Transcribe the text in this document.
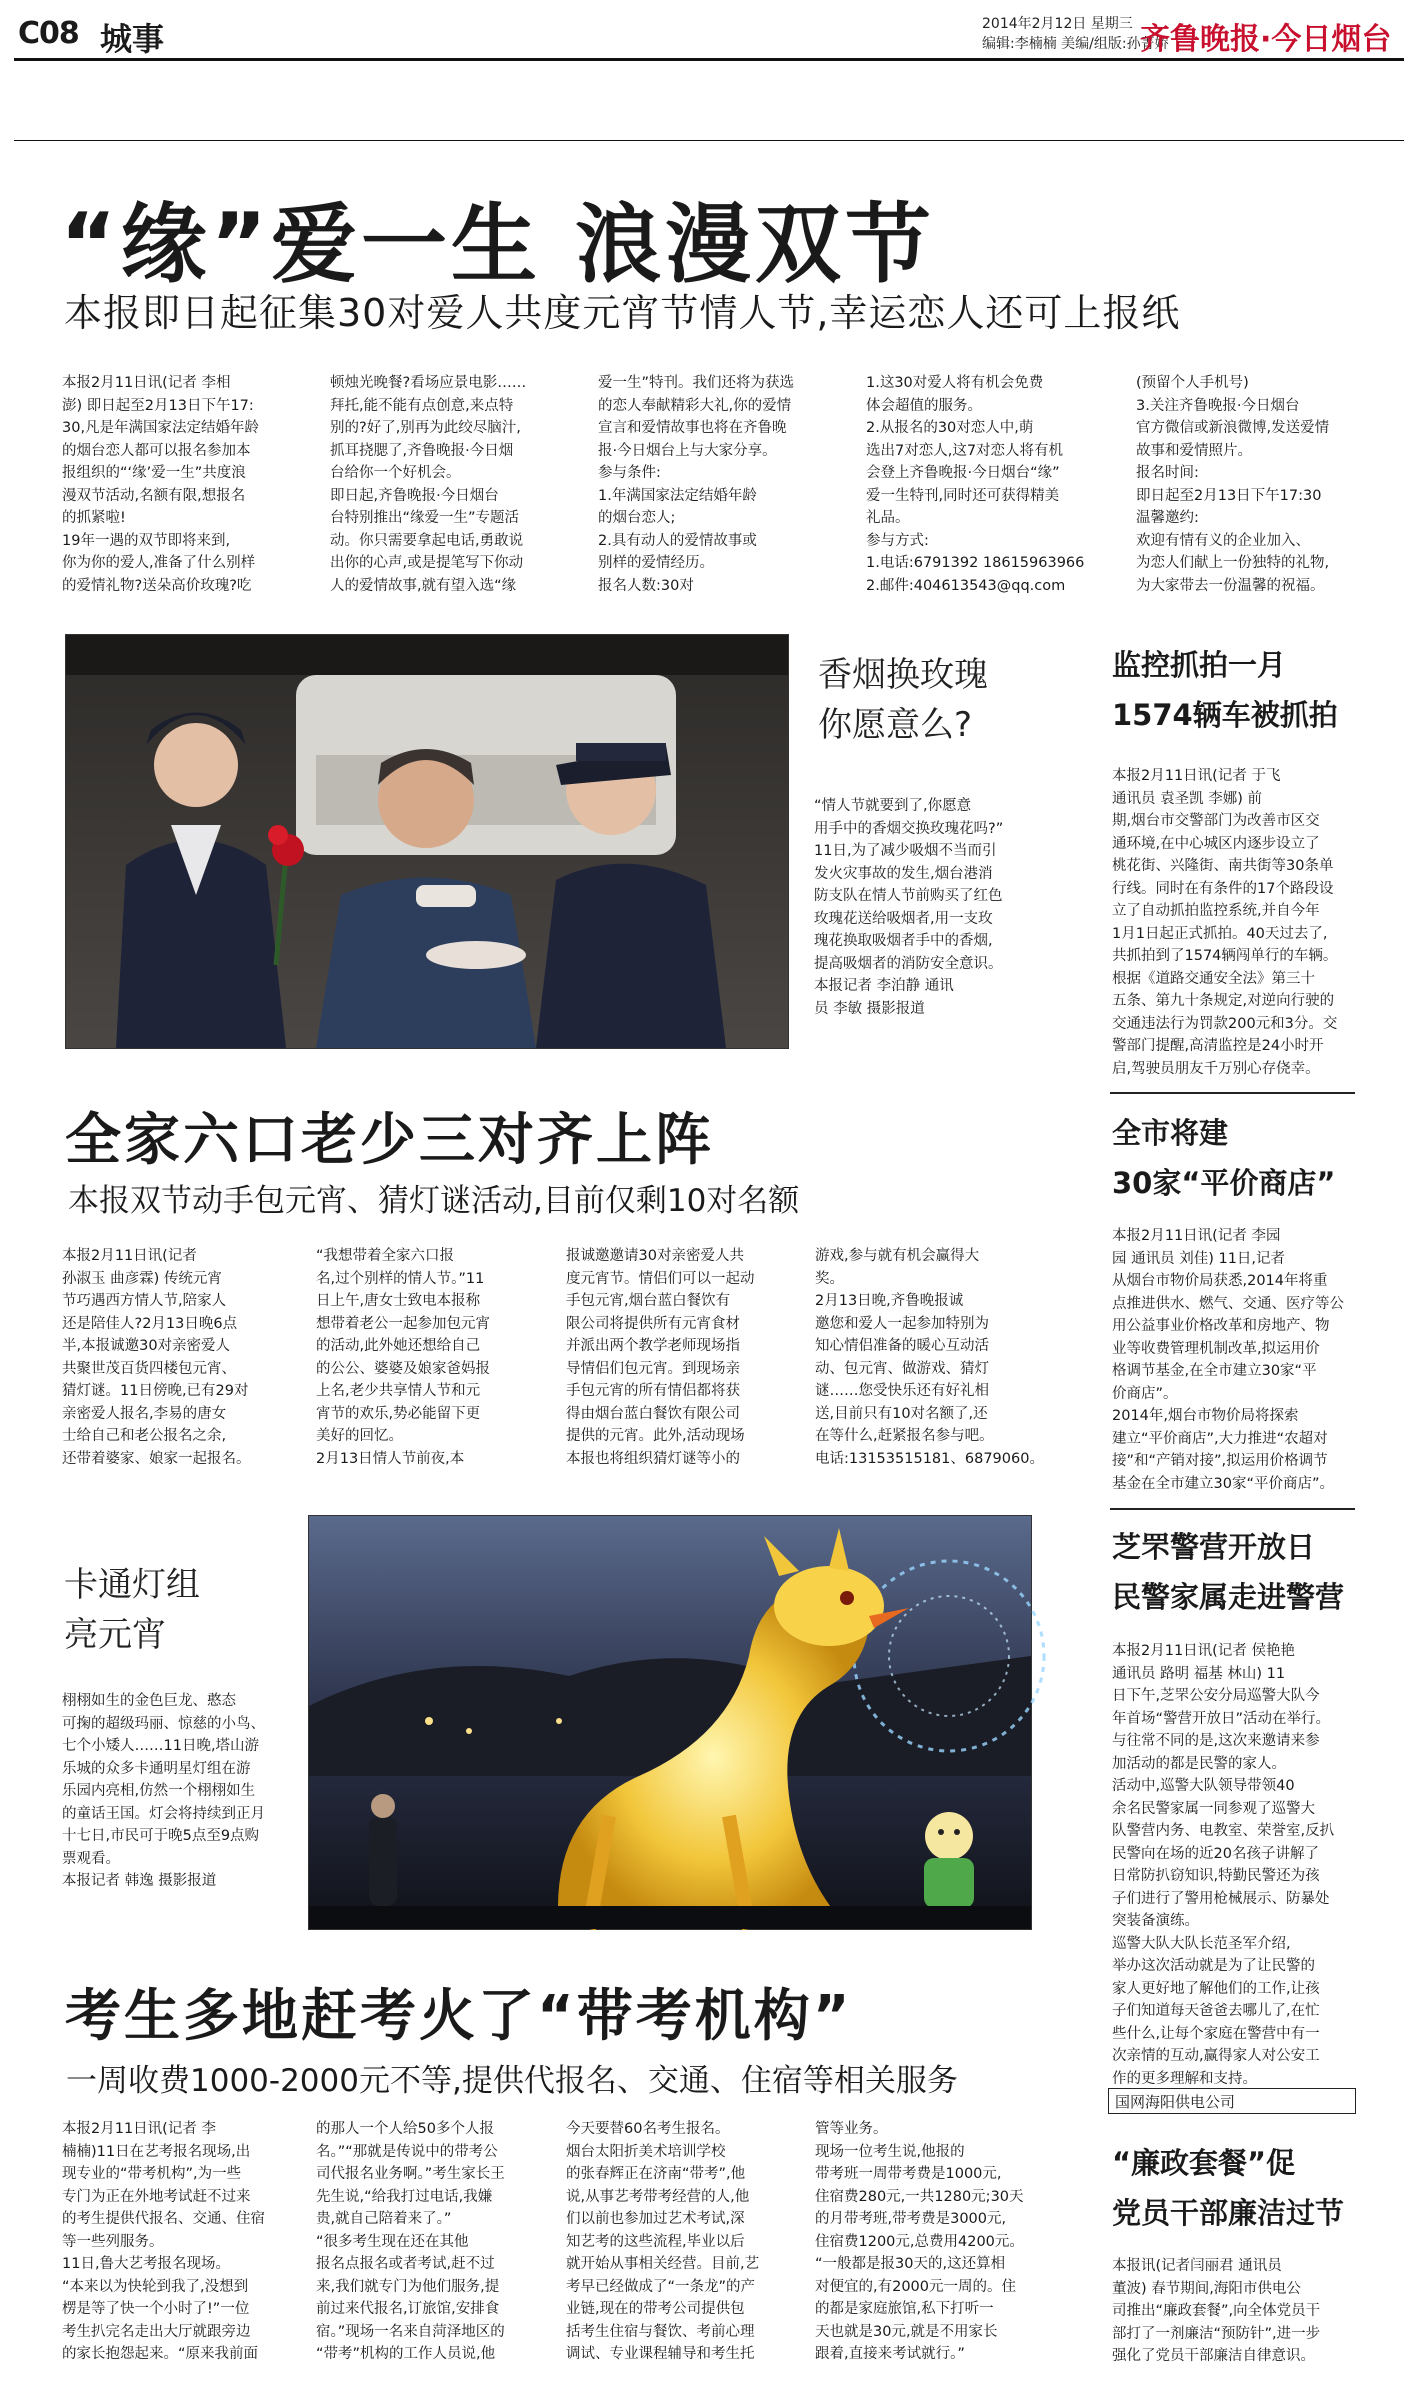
C08 城事	2014年2月12日 星期三
编辑:李楠楠 美编/组版:孙菁娇
齐鲁晚报·今日烟台
“缘”爱一生 浪漫双节
本报即日起征集30对爱人共度元宵节情人节,幸运恋人还可上报纸
本报2月11日讯(记者 李相
澎) 即日起至2月13日下午17:
30,凡是年满国家法定结婚年龄
的烟台恋人都可以报名参加本
报组织的“‘缘’爱一生”共度浪
漫双节活动,名额有限,想报名
的抓紧啦!
19年一遇的双节即将来到,
你为你的爱人,准备了什么别样
的爱情礼物?送朵高价玫瑰?吃
顿烛光晚餐?看场应景电影……
拜托,能不能有点创意,来点特
别的?好了,别再为此绞尽脑汁,
抓耳挠腮了,齐鲁晚报·今日烟
台给你一个好机会。
即日起,齐鲁晚报·今日烟台
台特别推出“缘爱一生”专题活
动。你只需要拿起电话,勇敢说
出你的心声,或是提笔写下你动
人的爱情故事,就有望入选“缘
爱一生”特刊。我们还将为获选
的恋人奉献精彩大礼,你的爱情
宣言和爱情故事也将在齐鲁晚
报·今日烟台上与大家分享。
参与条件:
1.年满国家法定结婚年龄
的烟台恋人;
2.具有动人的爱情故事或
别样的爱情经历。
报名人数:30对
1.这30对爱人将有机会免费
体会超值的服务。
2.从报名的30对恋人中,萌
选出7对恋人,这7对恋人将有机
会登上齐鲁晚报·今日烟台“缘”
爱一生特刊,同时还可获得精美
礼品。
参与方式:
1.电话:6791392 18615963966
2.邮件:404613543@qq.com
(预留个人手机号)
3.关注齐鲁晚报·今日烟台
官方微信或新浪微博,发送爱情
故事和爱情照片。
报名时间:
即日起至2月13日下午17:30
温馨邀约:
欢迎有情有义的企业加入、
为恋人们献上一份独特的礼物,
为大家带去一份温馨的祝福。
香烟换玫瑰
你愿意么?
“情人节就要到了,你愿意
用手中的香烟交换玫瑰花吗?”
11日,为了减少吸烟不当而引
发火灾事故的发生,烟台港消
防支队在情人节前购买了红色
玫瑰花送给吸烟者,用一支玫
瑰花换取吸烟者手中的香烟,
提高吸烟者的消防安全意识。
本报记者 李泊静 通讯
员 李敏 摄影报道
全家六口老少三对齐上阵
本报双节动手包元宵、猜灯谜活动,目前仅剩10对名额
本报2月11日讯(记者
孙淑玉 曲彦霖) 传统元宵
节巧遇西方情人节,陪家人
还是陪佳人?2月13日晚6点
半,本报诚邀30对亲密爱人
共聚世茂百货四楼包元宵、
猜灯谜。11日傍晚,已有29对
亲密爱人报名,李易的唐女
士给自己和老公报名之余,
还带着婆家、娘家一起报名。
“我想带着全家六口报
名,过个别样的情人节。”11
日上午,唐女士致电本报称
想带着老公一起参加包元宵
的活动,此外她还想给自己
的公公、婆婆及娘家爸妈报
上名,老少共享情人节和元
宵节的欢乐,势必能留下更
美好的回忆。
2月13日情人节前夜,本
报诚邀邀请30对亲密爱人共
度元宵节。情侣们可以一起动
手包元宵,烟台蓝白餐饮有
限公司将提供所有元宵食材
并派出两个教学老师现场指
导情侣们包元宵。到现场亲
手包元宵的所有情侣都将获
得由烟台蓝白餐饮有限公司
提供的元宵。此外,活动现场
本报也将组织猜灯谜等小的
游戏,参与就有机会赢得大
奖。
2月13日晚,齐鲁晚报诚
邀您和爱人一起参加特别为
知心情侣准备的暖心互动活
动、包元宵、做游戏、猜灯
谜……您受快乐还有好礼相
送,目前只有10对名额了,还
在等什么,赶紧报名参与吧。
电话:13153515181、6879060。
卡通灯组
亮元宵
栩栩如生的金色巨龙、憨态
可掬的超级玛丽、惊慈的小鸟、
七个小矮人……11日晚,塔山游
乐城的众多卡通明星灯组在游
乐园内亮相,仿然一个栩栩如生
的童话王国。灯会将持续到正月
十七日,市民可于晚5点至9点购
票观看。
本报记者 韩逸 摄影报道
考生多地赶考火了“带考机构”
一周收费1000-2000元不等,提供代报名、交通、住宿等相关服务
本报2月11日讯(记者 李
楠楠)11日在艺考报名现场,出
现专业的“带考机构”,为一些
专门为正在外地考试赶不过来
的考生提供代报名、交通、住宿
等一些列服务。
11日,鲁大艺考报名现场。
“本来以为快轮到我了,没想到
楞是等了快一个小时了!”一位
考生扒完名走出大厅就跟旁边
的家长抱怨起来。“原来我前面
的那人一个人给50多个人报
名。”“那就是传说中的带考公
司代报名业务啊。”考生家长王
先生说,“给我打过电话,我嫌
贵,就自己陪着来了。”
“很多考生现在还在其他
报名点报名或者考试,赶不过
来,我们就专门为他们服务,提
前过来代报名,订旅馆,安排食
宿。”现场一名来自菏泽地区的
“带考”机构的工作人员说,他
今天要替60名考生报名。
烟台太阳折美术培训学校
的张春辉正在济南“带考”,他
说,从事艺考带考经营的人,他
们以前也参加过艺术考试,深
知艺考的这些流程,毕业以后
就开始从事相关经营。目前,艺
考早已经做成了“一条龙”的产
业链,现在的带考公司提供包
括考生住宿与餐饮、考前心理
调试、专业课程辅导和考生托
管等业务。
现场一位考生说,他报的
带考班一周带考费是1000元,
住宿费280元,一共1280元;30天
的月带考班,带考费是3000元,
住宿费1200元,总费用4200元。
“一般都是报30天的,这还算相
对便宜的,有2000元一周的。住
的都是家庭旅馆,私下打听一
天也就是30元,就是不用家长
跟着,直接来考试就行。”
监控抓拍一月
1574辆车被抓拍
本报2月11日讯(记者 于飞
通讯员 袁圣凯 李娜) 前
期,烟台市交警部门为改善市区交
通环境,在中心城区内逐步设立了
桃花街、兴隆街、南共街等30条单
行线。同时在有条件的17个路段设
立了自动抓拍监控系统,并自今年
1月1日起正式抓拍。40天过去了,
共抓拍到了1574辆闯单行的车辆。
根据《道路交通安全法》第三十
五条、第九十条规定,对逆向行驶的
交通违法行为罚款200元和3分。交
警部门提醒,高清监控是24小时开
启,驾驶员朋友千万别心存侥幸。
全市将建
30家“平价商店”
本报2月11日讯(记者 李园
园 通讯员 刘佳) 11日,记者
从烟台市物价局获悉,2014年将重
点推进供水、燃气、交通、医疗等公
用公益事业价格改革和房地产、物
业等收费管理机制改革,拟运用价
格调节基金,在全市建立30家“平
价商店”。
2014年,烟台市物价局将探索
建立“平价商店”,大力推进“农超对
接”和“产销对接”,拟运用价格调节
基金在全市建立30家“平价商店”。
芝罘警营开放日
民警家属走进警营
本报2月11日讯(记者 侯艳艳
通讯员 路明 福基 林山) 11
日下午,芝罘公安分局巡警大队今
年首场“警营开放日”活动在举行。
与往常不同的是,这次来邀请来参
加活动的都是民警的家人。
活动中,巡警大队领导带领40
余名民警家属一同参观了巡警大
队警营内务、电教室、荣誉室,反扒
民警向在场的近20名孩子讲解了
日常防扒窃知识,特勤民警还为孩
子们进行了警用枪械展示、防暴处
突装备演练。
巡警大队大队长范圣军介绍,
举办这次活动就是为了让民警的
家人更好地了解他们的工作,让孩
子们知道每天爸爸去哪儿了,在忙
些什么,让每个家庭在警营中有一
次亲情的互动,赢得家人对公安工
作的更多理解和支持。
国网海阳供电公司
“廉政套餐”促
党员干部廉洁过节
本报讯(记者闫丽君 通讯员
董波) 春节期间,海阳市供电公
司推出“廉政套餐”,向全体党员干
部打了一剂廉洁“预防针”,进一步
强化了党员干部廉洁自律意识。
